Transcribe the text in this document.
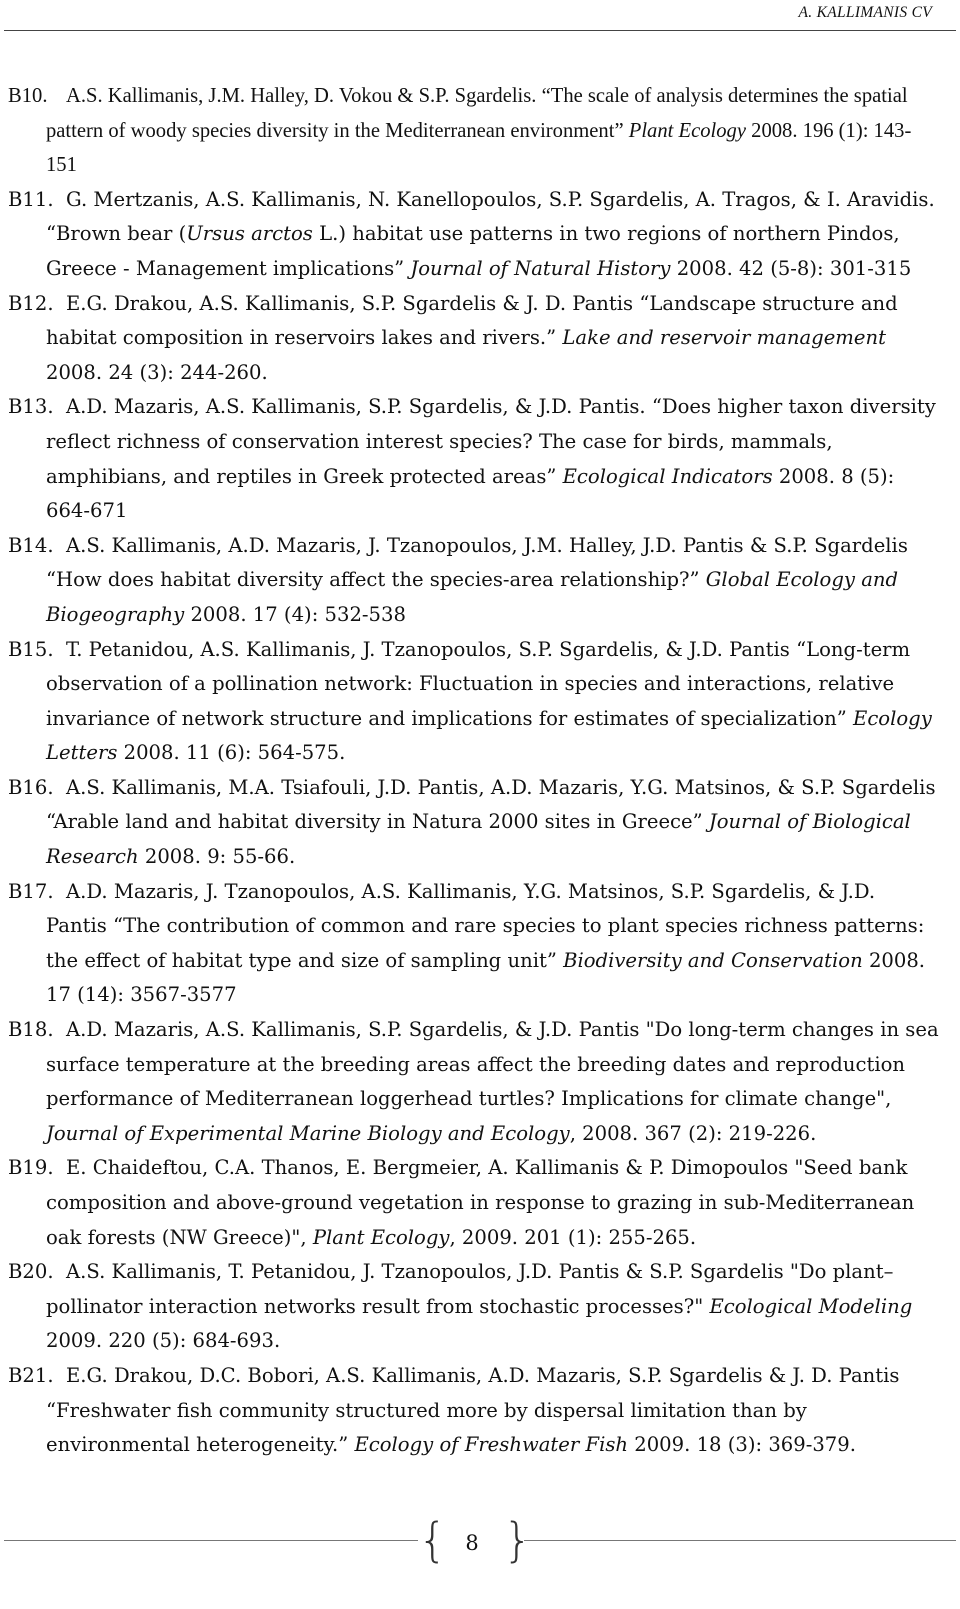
A. KALLIMANIS CV
B10. A.S. Kallimanis, J.M. Halley, D. Vokou & S.P. Sgardelis. “The scale of analysis determines the spatial pattern of woody species diversity in the Mediterranean environment” Plant Ecology 2008. 196 (1): 143-151
B11. G. Mertzanis, A.S. Kallimanis, N. Kanellopoulos, S.P. Sgardelis, A. Tragos, & I. Aravidis. “Brown bear (Ursus arctos L.) habitat use patterns in two regions of northern Pindos, Greece - Management implications” Journal of Natural History 2008. 42 (5-8): 301-315
B12. E.G. Drakou, A.S. Kallimanis, S.P. Sgardelis & J. D. Pantis “Landscape structure and habitat composition in reservoirs lakes and rivers.” Lake and reservoir management 2008. 24 (3): 244-260.
B13. A.D. Mazaris, A.S. Kallimanis, S.P. Sgardelis, & J.D. Pantis. “Does higher taxon diversity reflect richness of conservation interest species? The case for birds, mammals, amphibians, and reptiles in Greek protected areas” Ecological Indicators 2008. 8 (5): 664-671
B14. A.S. Kallimanis, A.D. Mazaris, J. Tzanopoulos, J.M. Halley, J.D. Pantis & S.P. Sgardelis “How does habitat diversity affect the species-area relationship?” Global Ecology and Biogeography 2008. 17 (4): 532-538
B15. T. Petanidou, A.S. Kallimanis, J. Tzanopoulos, S.P. Sgardelis, & J.D. Pantis “Long-term observation of a pollination network: Fluctuation in species and interactions, relative invariance of network structure and implications for estimates of specialization” Ecology Letters 2008. 11 (6): 564-575.
B16. A.S. Kallimanis, M.A. Tsiafouli, J.D. Pantis, A.D. Mazaris, Y.G. Matsinos, & S.P. Sgardelis “Arable land and habitat diversity in Natura 2000 sites in Greece” Journal of Biological Research 2008. 9: 55-66.
B17. A.D. Mazaris, J. Tzanopoulos, A.S. Kallimanis, Y.G. Matsinos, S.P. Sgardelis, & J.D. Pantis “The contribution of common and rare species to plant species richness patterns: the effect of habitat type and size of sampling unit” Biodiversity and Conservation 2008. 17 (14): 3567-3577
B18. A.D. Mazaris, A.S. Kallimanis, S.P. Sgardelis, & J.D. Pantis "Do long-term changes in sea surface temperature at the breeding areas affect the breeding dates and reproduction performance of Mediterranean loggerhead turtles? Implications for climate change", Journal of Experimental Marine Biology and Ecology, 2008. 367 (2): 219-226.
B19. E. Chaideftou, C.A. Thanos, E. Bergmeier, A. Kallimanis & P. Dimopoulos "Seed bank composition and above-ground vegetation in response to grazing in sub-Mediterranean oak forests (NW Greece)", Plant Ecology, 2009. 201 (1): 255-265.
B20. A.S. Kallimanis, T. Petanidou, J. Tzanopoulos, J.D. Pantis & S.P. Sgardelis "Do plant–pollinator interaction networks result from stochastic processes?" Ecological Modeling 2009. 220 (5): 684-693.
B21. E.G. Drakou, D.C. Bobori, A.S. Kallimanis, A.D. Mazaris, S.P. Sgardelis & J. D. Pantis “Freshwater fish community structured more by dispersal limitation than by environmental heterogeneity.” Ecology of Freshwater Fish 2009. 18 (3): 369-379.
{ 8 }
